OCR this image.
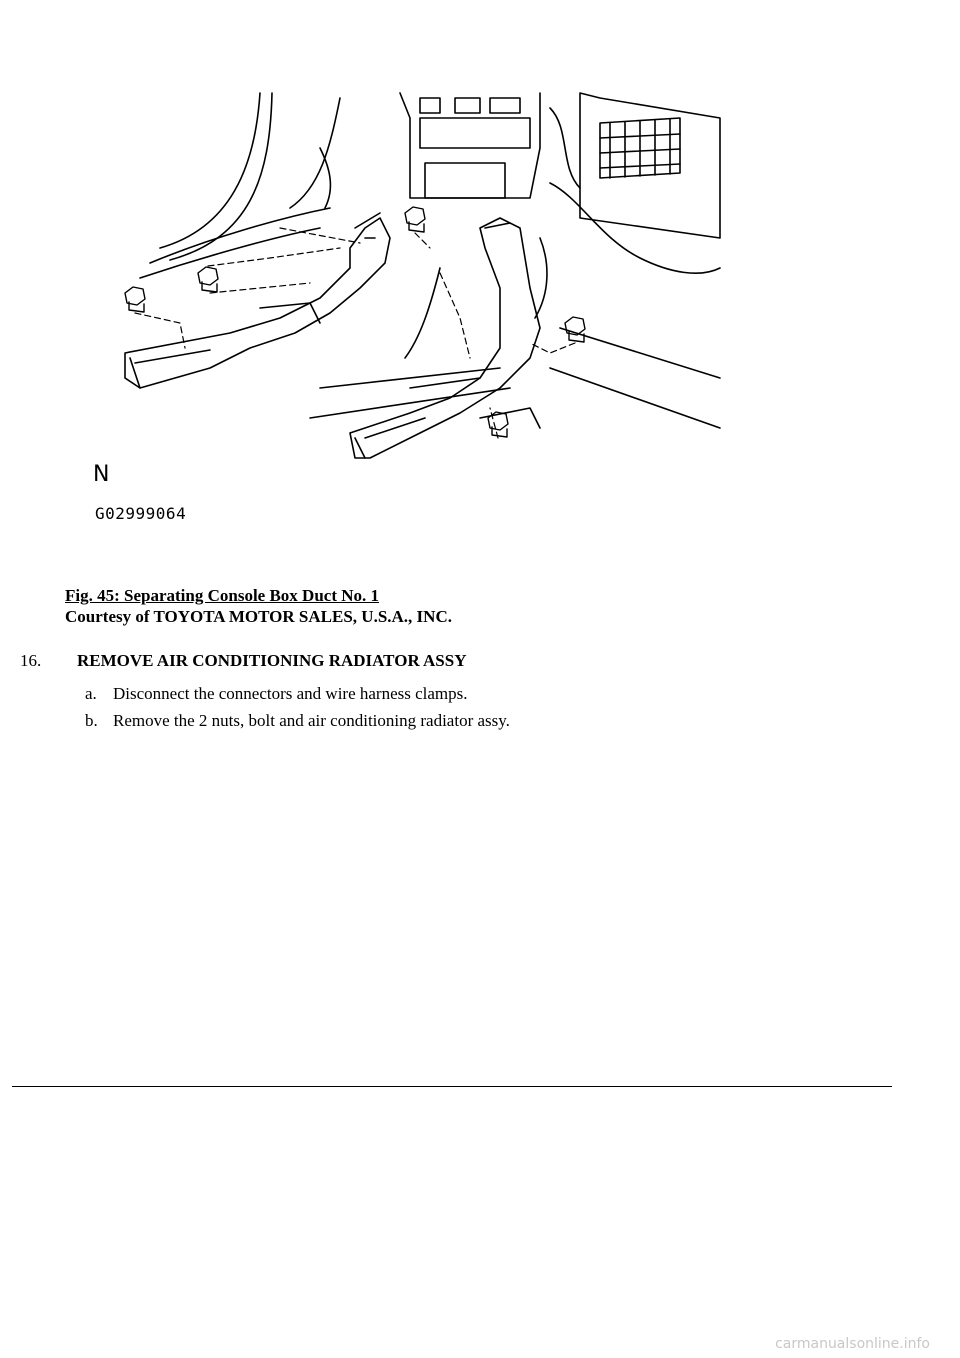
N
G02999064
Fig. 45: Separating Console Box Duct No. 1
Courtesy of TOYOTA MOTOR SALES, U.S.A., INC.
16. REMOVE AIR CONDITIONING RADIATOR ASSY
a. Disconnect the connectors and wire harness clamps.
b. Remove the 2 nuts, bolt and air conditioning radiator assy.
carmanualsonline.info
